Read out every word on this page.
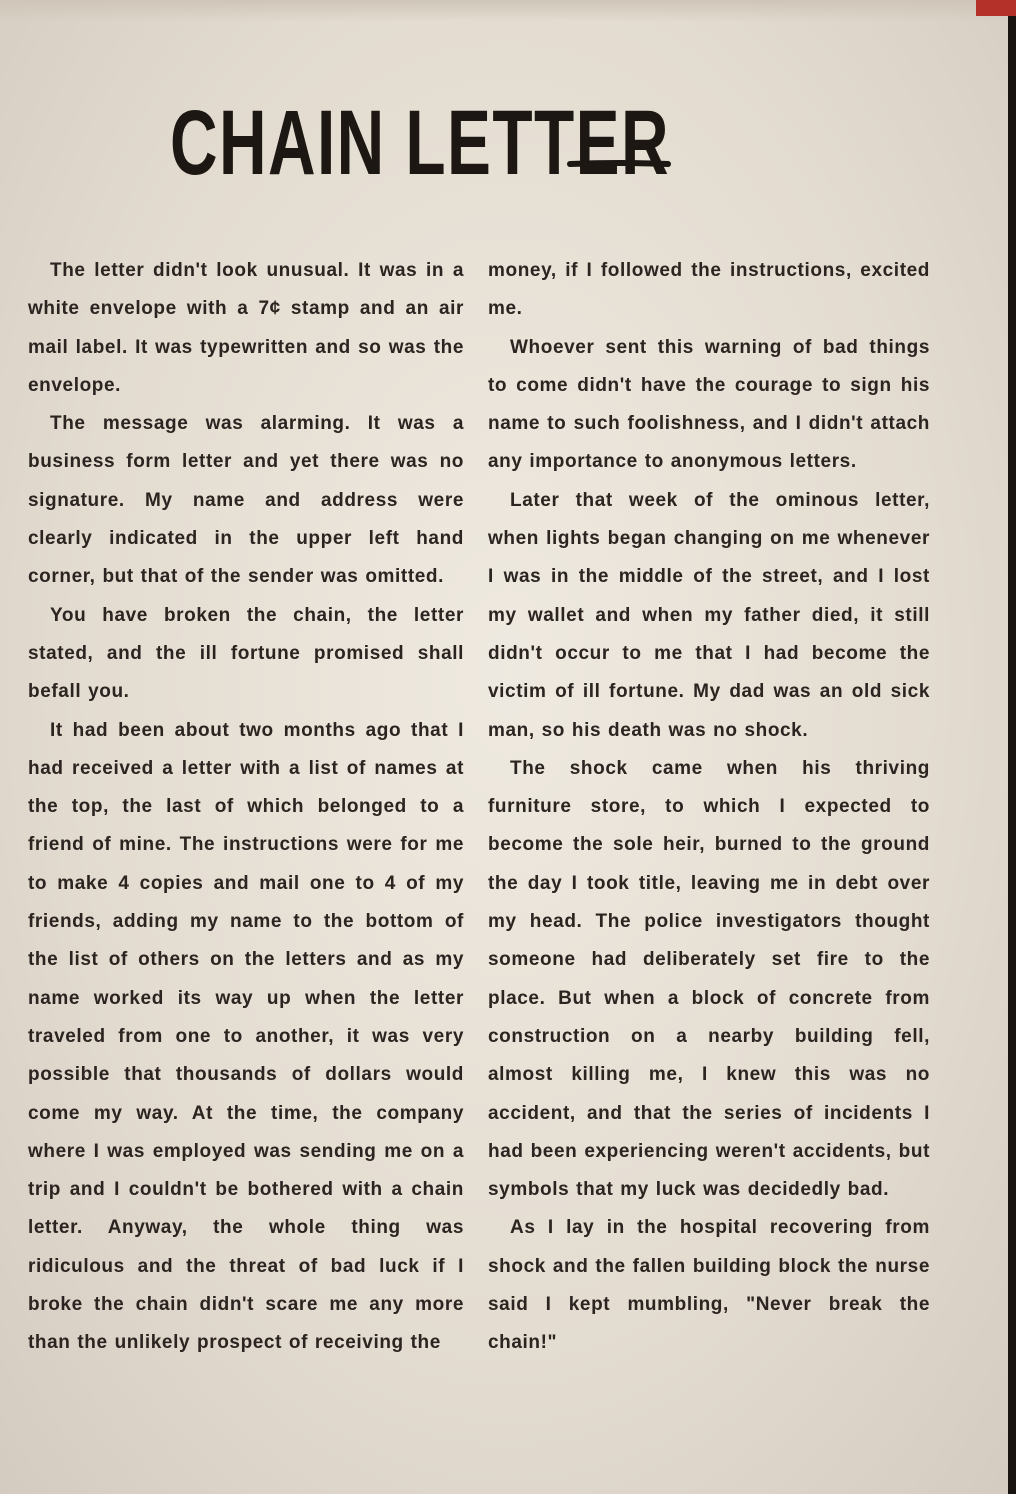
CHAIN LETTER

The letter didn't look unusual. It was in a white envelope with a 7¢ stamp and an air mail label. It was typewritten and so was the envelope.

The message was alarming. It was a business form letter and yet there was no signature. My name and address were clearly indicated in the upper left hand corner, but that of the sender was omitted.

You have broken the chain, the letter stated, and the ill fortune promised shall befall you.

It had been about two months ago that I had received a letter with a list of names at the top, the last of which belonged to a friend of mine. The instructions were for me to make 4 copies and mail one to 4 of my friends, adding my name to the bottom of the list of others on the letters and as my name worked its way up when the letter traveled from one to another, it was very possible that thousands of dollars would come my way. At the time, the company where I was employed was sending me on a trip and I couldn't be bothered with a chain letter. Anyway, the whole thing was ridiculous and the threat of bad luck if I broke the chain didn't scare me any more than the unlikely prospect of receiving the

money, if I followed the instructions, excited me.

Whoever sent this warning of bad things to come didn't have the courage to sign his name to such foolishness, and I didn't attach any importance to anonymous letters.

Later that week of the ominous letter, when lights began changing on me whenever I was in the middle of the street, and I lost my wallet and when my father died, it still didn't occur to me that I had become the victim of ill fortune. My dad was an old sick man, so his death was no shock.

The shock came when his thriving furniture store, to which I expected to become the sole heir, burned to the ground the day I took title, leaving me in debt over my head. The police investigators thought someone had deliberately set fire to the place. But when a block of concrete from construction on a nearby building fell, almost killing me, I knew this was no accident, and that the series of incidents I had been experiencing weren't accidents, but symbols that my luck was decidedly bad.

As I lay in the hospital recovering from shock and the fallen building block the nurse said I kept mumbling, "Never break the chain!"
